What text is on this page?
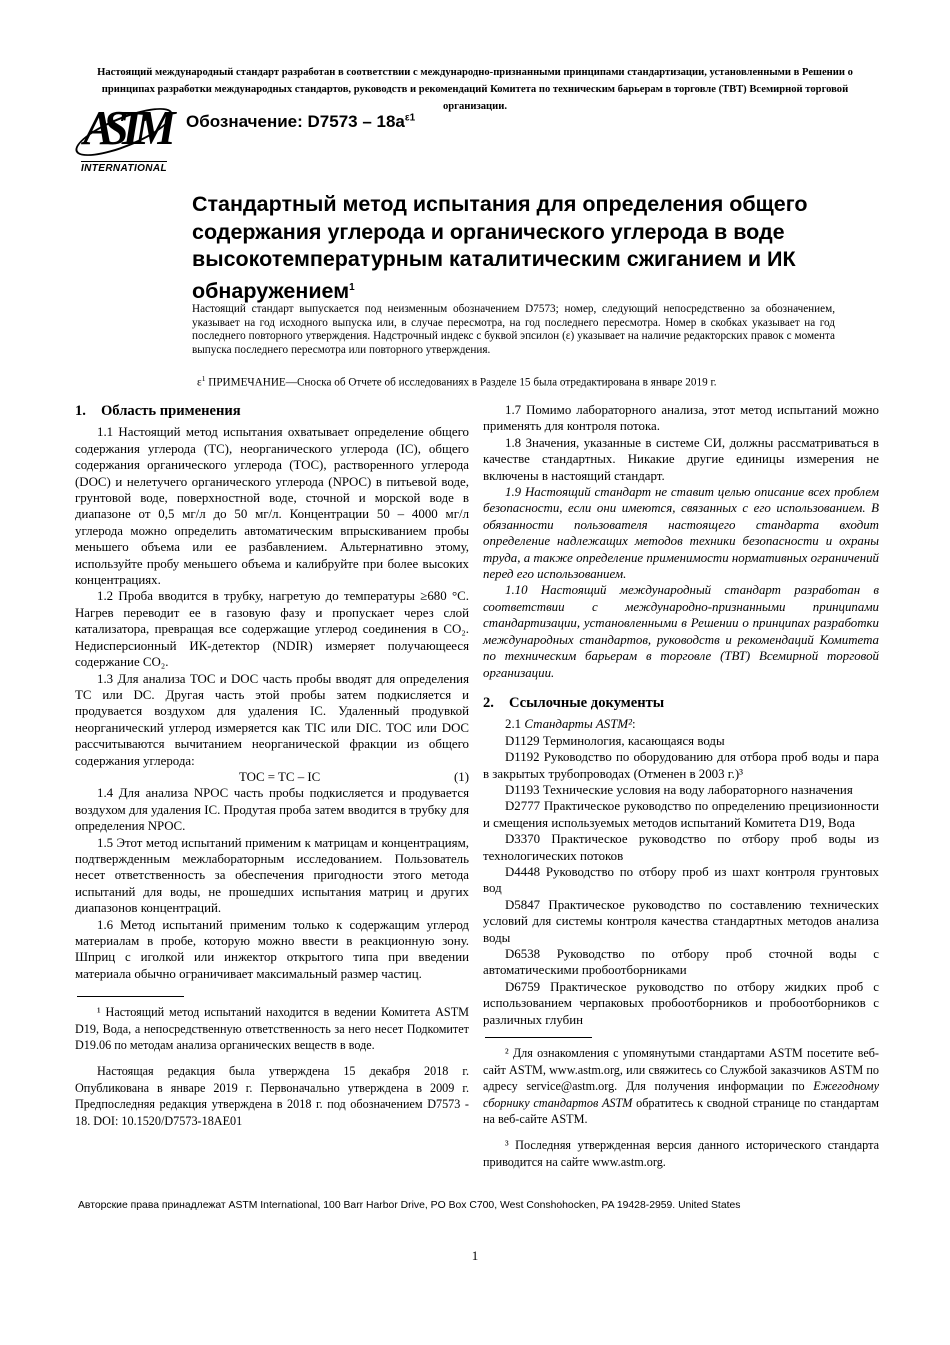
Настоящий международный стандарт разработан в соответствии с международно-признанными принципами стандартизации, установленными в Решении о принципах разработки международных стандартов, руководств и рекомендаций Комитета по техническим барьерам в торговле (ТВТ) Всемирной торговой организации.
ASTM
INTERNATIONAL
Обозначение: $D7573 - 18a^{\varepsilon 1}$
Стандартный метод испытания для определения общего содержания углерода и органического углерода в воде высокотемпературным каталитическим сжиганием и ИК обнаружением$^1$
Настоящий стандарт выпускается под неизменным обозначением D7573; номер, следующий непосредственно за обозначением, указывает на год исходного выпуска или, в случае пересмотра, на год последнего пересмотра. Номер в скобках указывает на год последнего повторного утверждения. Надстрочный индекс с буквой эпсилон (ε) указывает на наличие редакторских правок с момента выпуска последнего пересмотра или повторного утверждения.
$\varepsilon^1$ ПРИМЕЧАНИЕ—Сноска об Отчете об исследованиях в Разделе 15 была отредактирована в январе 2019 г.
1. Область применения

1.1 Настоящий метод испытания охватывает определение общего содержания углерода (TC), неорганического углерода (IC), общего содержания органического углерода (TOC), растворенного углерода (DOC) и нелетучего органического углерода (NPOC) в питьевой воде, грунтовой воде, поверхностной воде, сточной и морской воде в диапазоне от 0,5 мг/л до 50 мг/л. Концентрации 50 – 4000 мг/л углерода можно определить автоматическим впрыскиванием пробы меньшего объема или ее разбавлением. Альтернативно этому, используйте пробу меньшего объема и калибруйте при более высоких концентрациях.

1.2 Проба вводится в трубку, нагретую до температуры ≥680 °C. Нагрев переводит ее в газовую фазу и пропускает через слой катализатора, превращая все содержащие углерод соединения в CO₂. Недисперсионный ИК-детектор (NDIR) измеряет получающееся содержание CO₂.

1.3 Для анализа TOC и DOC часть пробы вводят для определения TC или DC. Другая часть этой пробы затем подкисляется и продувается воздухом для удаления IC. Удаленный продувкой неорганический углерод измеряется как TIC или DIC. TOC или DOC рассчитываются вычитанием неорганической фракции из общего содержания углерода:

TOC = TC – IC	(1)

1.4 Для анализа NPOC часть пробы подкисляется и продувается воздухом для удаления IC. Продутая проба затем вводится в трубку для определения NPOC.

1.5 Этот метод испытаний применим к матрицам и концентрациям, подтвержденным межлабораторным исследованием. Пользователь несет ответственность за обеспечения пригодности этого метода испытаний для воды, не прошедших испытания матриц и других диапазонов концентраций.

1.6 Метод испытаний применим только к содержащим углерод материалам в пробе, которую можно ввести в реакционную зону. Шприц с иголкой или инжектор открытого типа при введении материала обычно ограничивает максимальный размер частиц.

¹ Настоящий метод испытаний находится в ведении Комитета ASTM D19, Вода, а непосредственную ответственность за него несет Подкомитет D19.06 по методам анализа органических веществ в воде.

Настоящая редакция была утверждена 15 декабря 2018 г. Опубликована в январе 2019 г. Первоначально утверждена в 2009 г. Предпоследняя редакция утверждена в 2018 г. под обозначением D7573 - 18. DOI: 10.1520/D7573-18AE01

1.7 Помимо лабораторного анализа, этот метод испытаний можно применять для контроля потока.

1.8 Значения, указанные в системе СИ, должны рассматриваться в качестве стандартных. Никакие другие единицы измерения не включены в настоящий стандарт.

1.9 Настоящий стандарт не ставит целью описание всех проблем безопасности, если они имеются, связанных с его использованием. В обязанности пользователя настоящего стандарта входит определение надлежащих методов техники безопасности и охраны труда, а также определение применимости нормативных ограничений перед его использованием.

1.10 Настоящий международный стандарт разработан в соответствии с международно-признанными принципами стандартизации, установленными в Решении о принципах разработки международных стандартов, руководств и рекомендаций Комитета по техническим барьерам в торговле (ТВТ) Всемирной торговой организации.

2. Ссылочные документы

2.1 Стандарты ASTM²:

D1129 Терминология, касающаяся воды

D1192 Руководство по оборудованию для отбора проб воды и пара в закрытых трубопроводах (Отменен в 2003 г.)³

D1193 Технические условия на воду лабораторного назначения

D2777 Практическое руководство по определению прецизионности и смещения используемых методов испытаний Комитета D19, Вода

D3370 Практическое руководство по отбору проб воды из технологических потоков

D4448 Руководство по отбору проб из шахт контроля грунтовых вод

D5847 Практическое руководство по составлению технических условий для системы контроля качества стандартных методов анализа воды

D6538 Руководство по отбору проб сточной воды с автоматическими пробоотборниками

D6759 Практическое руководство по отбору жидких проб с использованием черпаковых пробоотборников и пробоотборников с различных глубин

² Для ознакомления с упомянутыми стандартами ASTM посетите веб-сайт ASTM, www.astm.org, или свяжитесь со Службой заказчиков ASTM по адресу service@astm.org. Для получения информации по Ежегодному сборнику стандартов ASTM обратитесь к сводной странице по стандартам на веб-сайте ASTM.

³ Последняя утвержденная версия данного исторического стандарта приводится на сайте www.astm.org.

Авторские права принадлежат ASTM International, 100 Barr Harbor Drive, PO Box C700, West Conshohocken, PA 19428-2959. United States
1
